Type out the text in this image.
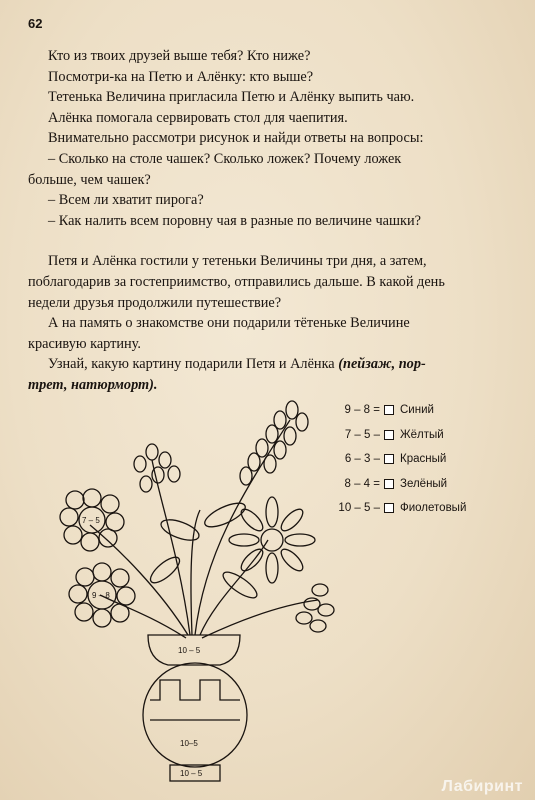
62
Кто из твоих друзей выше тебя? Кто ниже?
Посмотри-ка на Петю и Алёнку: кто выше?
Тетенька Величина пригласила Петю и Алёнку выпить чаю.
Алёнка помогала сервировать стол для чаепития.
Внимательно рассмотри рисунок и найди ответы на вопросы:
– Сколько на столе чашек? Сколько ложек? Почему ложек
больше, чем чашек?
– Всем ли хватит пирога?
– Как налить всем поровну чая в разные по величине чашки?
Петя и Алёнка гостили у тетеньки Величины три дня, а затем,
поблагодарив за гостеприимство, отправились дальше. В какой день
недели друзья продолжили путешествие?
А на память о знакомстве они подарили тётеньке Величине
красивую картину.
Узнай, какую картину подарили Петя и Алёнка (пейзаж, пор-
трет, натюрморт).
10 – 5
10–5
10 – 5
7 – 5
9 – 8
9 – 8 = Синий
7 – 5 – Жёлтый
6 – 3 – Красный
8 – 4 = Зелёный
10 – 5 – Фиолетовый
Лабиринт
